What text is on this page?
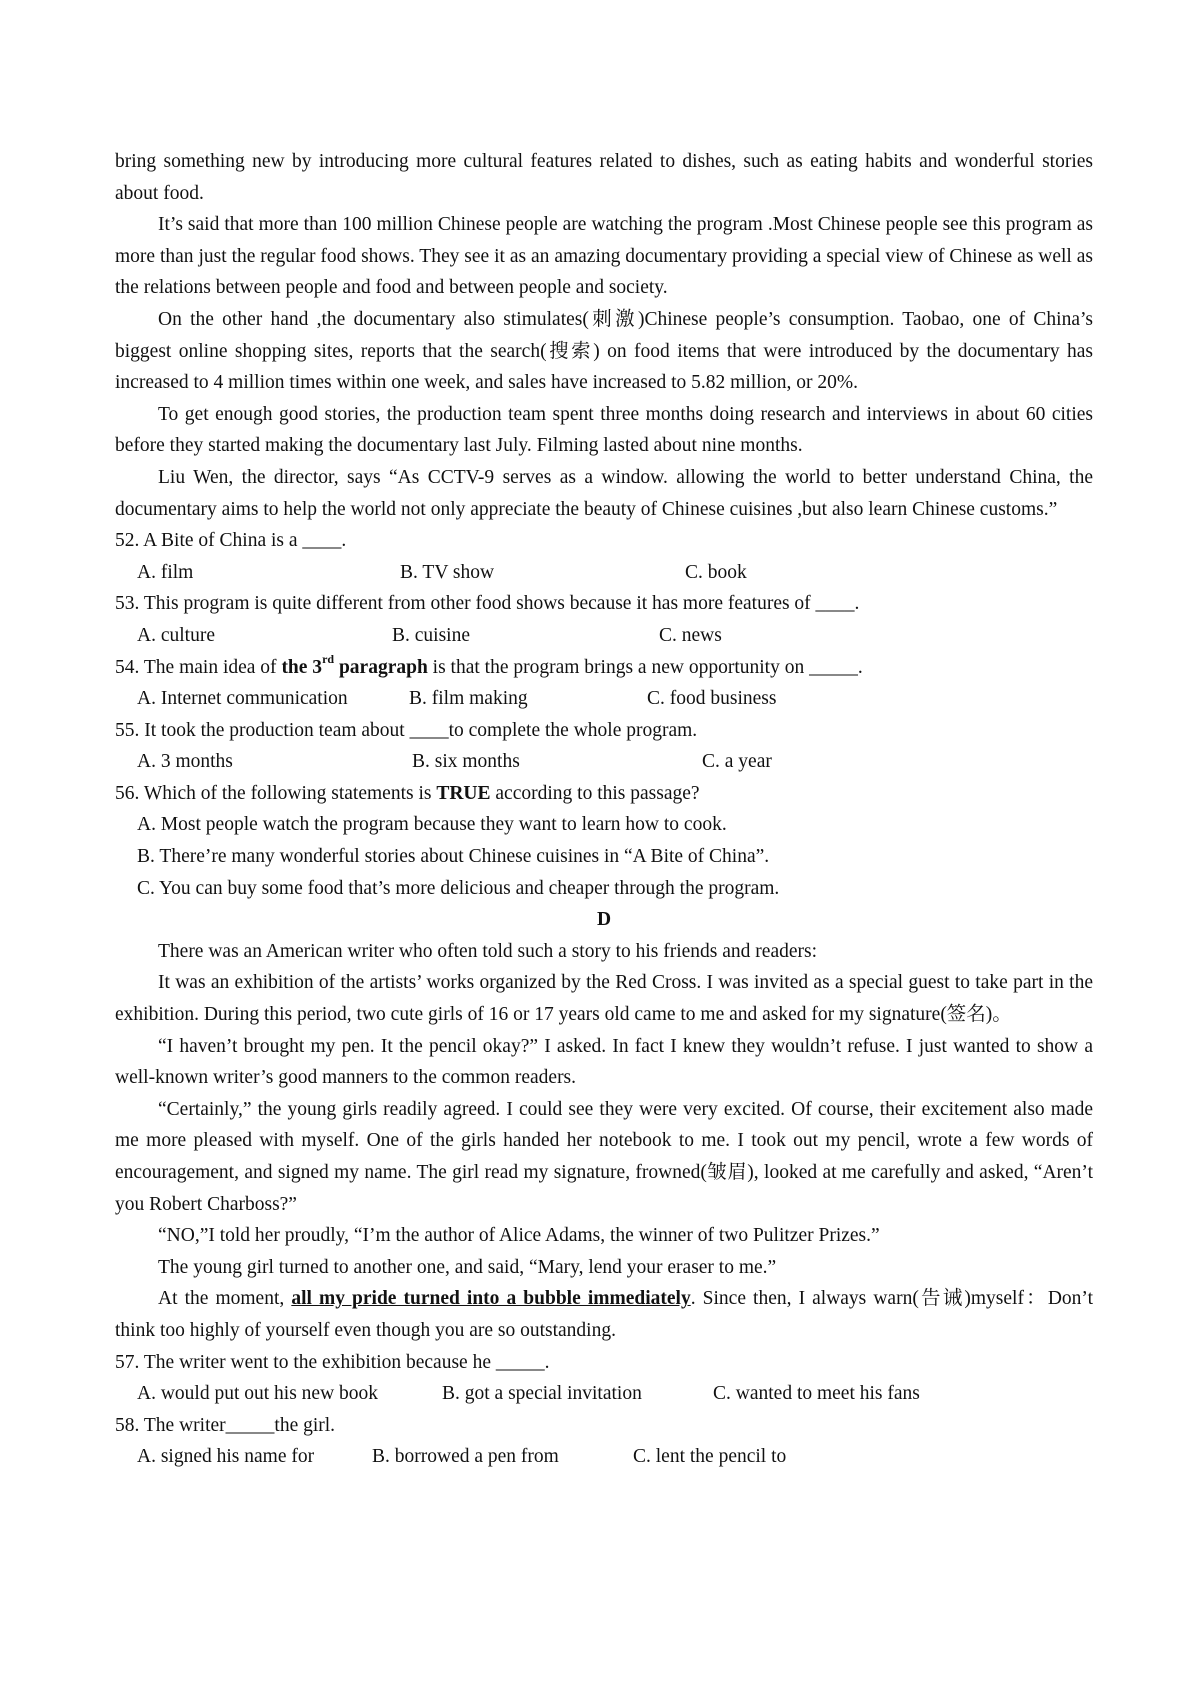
bring something new by introducing more cultural features related to dishes, such as eating habits and wonderful stories about food.

It’s said that more than 100 million Chinese people are watching the program .Most Chinese people see this program as more than just the regular food shows. They see it as an amazing documentary providing a special view of Chinese as well as the relations between people and food and between people and society.

On the other hand ,the documentary also stimulates(刺激)Chinese people’s consumption. Taobao, one of China’s biggest online shopping sites, reports that the search(搜索) on food items that were introduced by the documentary has increased to 4 million times within one week, and sales have increased to 5.82 million, or 20%.

To get enough good stories, the production team spent three months doing research and interviews in about 60 cities before they started making the documentary last July. Filming lasted about nine months.

Liu Wen, the director, says “As CCTV-9 serves as a window. allowing the world to better understand China, the documentary aims to help the world not only appreciate the beauty of Chinese cuisines ,but also learn Chinese customs.”

52. A Bite of China is a ____.

A. film	B. TV show	C. book

53. This program is quite different from other food shows because it has more features of ____.

A. culture	B. cuisine	C. news

54. The main idea of the 3rd paragraph is that the program brings a new opportunity on _____.

A. Internet communication	B. film making	C. food business

55. It took the production team about ____to complete the whole program.

A. 3 months	B. six months	C. a year

56. Which of the following statements is TRUE according to this passage?

A. Most people watch the program because they want to learn how to cook.

B. There’re many wonderful stories about Chinese cuisines in “A Bite of China”.

C. You can buy some food that’s more delicious and cheaper through the program.

D

There was an American writer who often told such a story to his friends and readers:

It was an exhibition of the artists’ works organized by the Red Cross. I was invited as a special guest to take part in the exhibition. During this period, two cute girls of 16 or 17 years old came to me and asked for my signature(签名)。

“I haven’t brought my pen. It the pencil okay?” I asked. In fact I knew they wouldn’t refuse. I just wanted to show a well-known writer’s good manners to the common readers.

“Certainly,” the young girls readily agreed. I could see they were very excited. Of course, their excitement also made me more pleased with myself. One of the girls handed her notebook to me. I took out my pencil, wrote a few words of encouragement, and signed my name. The girl read my signature, frowned(皱眉), looked at me carefully and asked, “Aren’t you Robert Charboss?”

“NO,”I told her proudly, “I’m the author of Alice Adams, the winner of two Pulitzer Prizes.”

The young girl turned to another one, and said, “Mary, lend your eraser to me.”

At the moment, all my pride turned into a bubble immediately. Since then, I always warn(告诫)myself：Don’t think too highly of yourself even though you are so outstanding.

57. The writer went to the exhibition because he _____.

A. would put out his new book	B. got a special invitation	C. wanted to meet his fans

58. The writer_____the girl.

A. signed his name for	B. borrowed a pen from	C. lent the pencil to
